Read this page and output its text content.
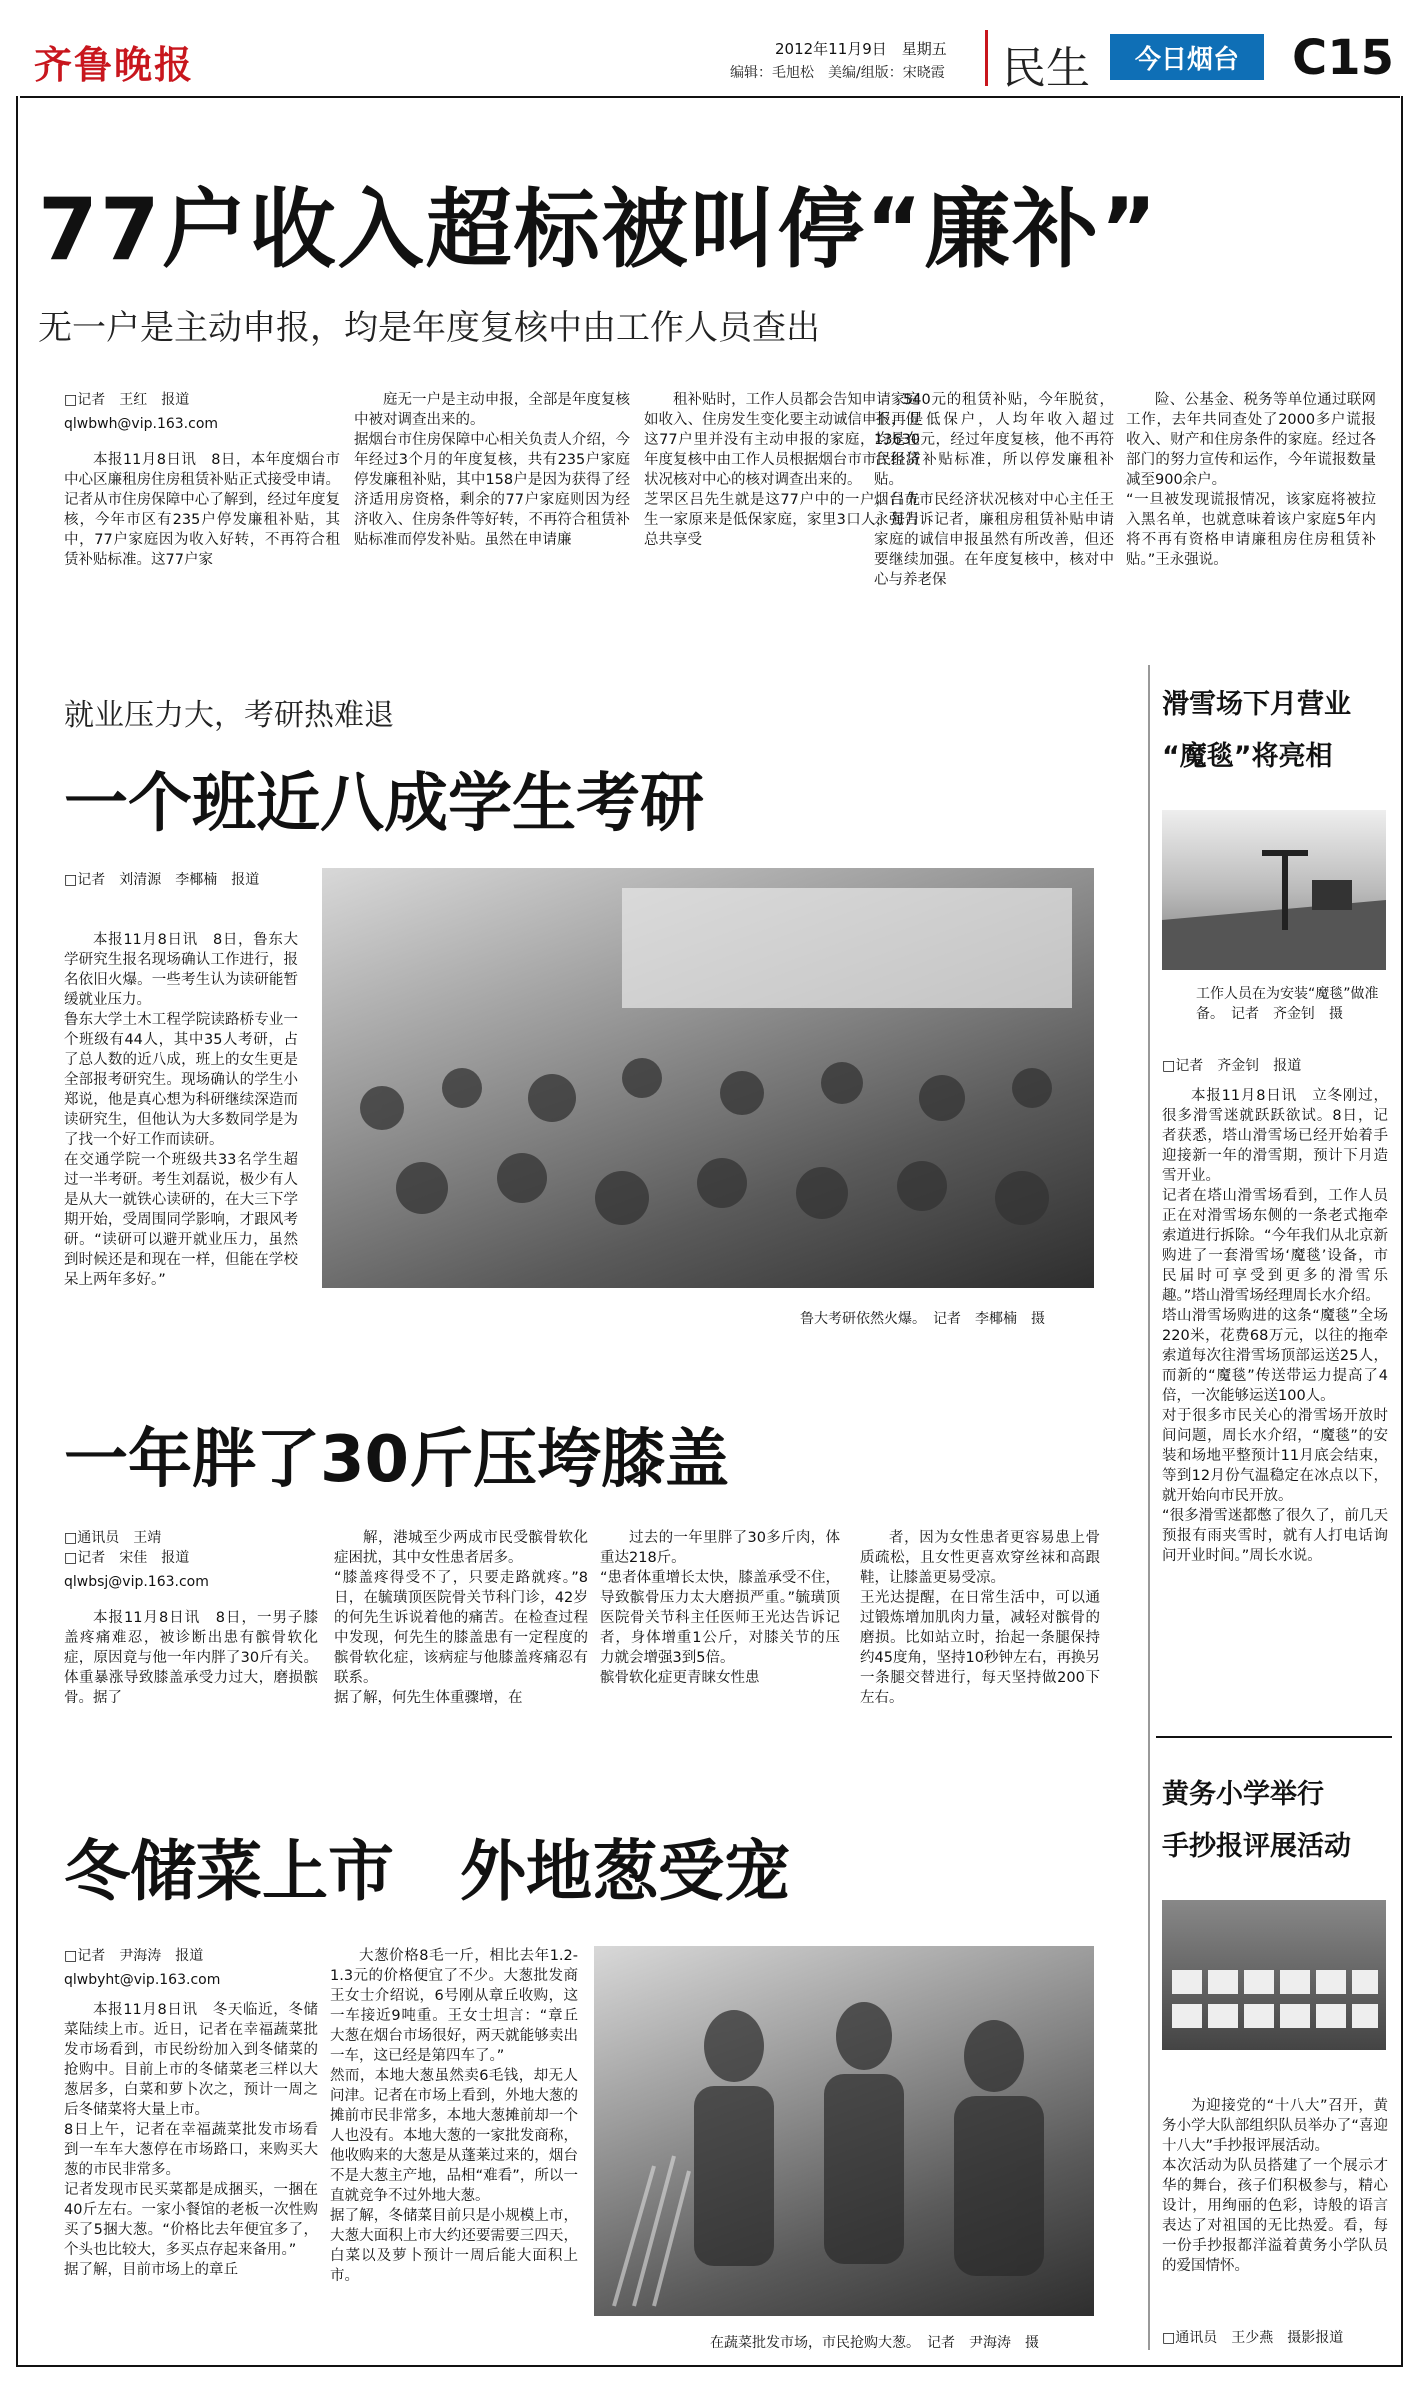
齐鲁晚报	2012年11月9日　星期五
编辑：毛旭松　美编/组版：宋晓霞 民生	今日烟台	C15
77户收入超标被叫停“廉补”
无一户是主动申报，均是年度复核中由工作人员查出
□记者　王红　报道
qlwbwh@vip.163.com

本报11月8日讯　8日，本年度烟台市中心区廉租房住房租赁补贴正式接受申请。记者从市住房保障中心了解到，经过年度复核，今年市区有235户停发廉租补贴，其中，77户家庭因为收入好转，不再符合租赁补贴标准。这77户家

庭无一户是主动申报，全部是年度复核中被对调查出来的。
据烟台市住房保障中心相关负责人介绍，今年经过3个月的年度复核，共有235户家庭停发廉租补贴，其中158户是因为获得了经济适用房资格，剩余的77户家庭则因为经济收入、住房条件等好转，不再符合租赁补贴标准而停发补贴。虽然在申请廉

租补贴时，工作人员都会告知申请家庭如收入、住房发生变化要主动诚信申报，但这77户里并没有主动申报的家庭，均是在年度复核中由工作人员根据烟台市市民经济状况核对中心的核对调查出来的。
芝罘区吕先生就是这77户中的一户，吕先生一家原来是低保家庭，家里3口人，每月总共享受

540元的租赁补贴，今年脱贫，不再是低保户，人均年收入超过13630元，经过年度复核，他不再符合租赁补贴标准，所以停发廉租补贴。
烟台市市民经济状况核对中心主任王永强告诉记者，廉租房租赁补贴申请家庭的诚信申报虽然有所改善，但还要继续加强。在年度复核中，核对中心与养老保

险、公基金、税务等单位通过联网工作，去年共同查处了2000多户谎报收入、财产和住房条件的家庭。经过各部门的努力宣传和运作，今年谎报数量减至900余户。
“一旦被发现谎报情况，该家庭将被拉入黑名单，也就意味着该户家庭5年内将不再有资格申请廉租房住房租赁补贴。”王永强说。

就业压力大，考研热难退
一个班近八成学生考研
□记者　刘清源　李椰楠　报道

本报11月8日讯　8日，鲁东大学研究生报名现场确认工作进行，报名依旧火爆。一些考生认为读研能暂缓就业压力。
鲁东大学土木工程学院读路桥专业一个班级有44人，其中35人考研，占了总人数的近八成，班上的女生更是全部报考研究生。现场确认的学生小郑说，他是真心想为科研继续深造而读研究生，但他认为大多数同学是为了找一个好工作而读研。
在交通学院一个班级共33名学生超过一半考研。考生刘磊说，极少有人是从大一就铁心读研的，在大三下学期开始，受周围同学影响，才跟风考研。“读研可以避开就业压力，虽然到时候还是和现在一样，但能在学校呆上两年多好。”

鲁大考研依然火爆。　记者　李椰楠　摄
一年胖了30斤压垮膝盖
□通讯员　王靖
□记者　宋佳　报道
qlwbsj@vip.163.com

本报11月8日讯　8日，一男子膝盖疼痛难忍，被诊断出患有髌骨软化症，原因竟与他一年内胖了30斤有关。体重暴涨导致膝盖承受力过大，磨损髌骨。据了

解，港城至少两成市民受髌骨软化症困扰，其中女性患者居多。
“膝盖疼得受不了，只要走路就疼。”8日，在毓璜顶医院骨关节科门诊，42岁的何先生诉说着他的痛苦。在检查过程中发现，何先生的膝盖患有一定程度的髌骨软化症，该病症与他膝盖疼痛忍有联系。
据了解，何先生体重骤增，在

过去的一年里胖了30多斤肉，体重达218斤。
“患者体重增长太快，膝盖承受不住，导致髌骨压力太大磨损严重。”毓璜顶医院骨关节科主任医师王光达告诉记者，身体增重1公斤，对膝关节的压力就会增强3到5倍。
髌骨软化症更青睐女性患

者，因为女性患者更容易患上骨质疏松，且女性更喜欢穿丝袜和高跟鞋，让膝盖更易受凉。
王光达提醒，在日常生活中，可以通过锻炼增加肌肉力量，减轻对髌骨的磨损。比如站立时，抬起一条腿保持约45度角，坚持10秒钟左右，再换另一条腿交替进行，每天坚持做200下左右。

冬储菜上市　外地葱受宠
□记者　尹海涛　报道
qlwbyht@vip.163.com

本报11月8日讯　冬天临近，冬储菜陆续上市。近日，记者在幸福蔬菜批发市场看到，市民纷纷加入到冬储菜的抢购中。目前上市的冬储菜老三样以大葱居多，白菜和萝卜次之，预计一周之后冬储菜将大量上市。
8日上午，记者在幸福蔬菜批发市场看到一车车大葱停在市场路口，来购买大葱的市民非常多。
记者发现市民买菜都是成捆买，一捆在40斤左右。一家小餐馆的老板一次性购买了5捆大葱。“价格比去年便宜多了，个头也比较大，多买点存起来备用。”
据了解，目前市场上的章丘

大葱价格8毛一斤，相比去年1.2-1.3元的价格便宜了不少。大葱批发商王女士介绍说，6号刚从章丘收购，这一车接近9吨重。王女士坦言：“章丘大葱在烟台市场很好，两天就能够卖出一车，这已经是第四车了。”
然而，本地大葱虽然卖6毛钱，却无人问津。记者在市场上看到，外地大葱的摊前市民非常多，本地大葱摊前却一个人也没有。本地大葱的一家批发商称，他收购来的大葱是从蓬莱过来的，烟台不是大葱主产地，品相“难看”，所以一直就竞争不过外地大葱。
据了解，冬储菜目前只是小规模上市，大葱大面积上市大约还要需要三四天，白菜以及萝卜预计一周后能大面积上市。

在蔬菜批发市场，市民抢购大葱。　记者　尹海涛　摄
滑雪场下月营业
“魔毯”将亮相
工作人员在为安装“魔毯”做准备。　记者　齐金钊　摄
□记者　齐金钊　报道

本报11月8日讯　立冬刚过，很多滑雪迷就跃跃欲试。8日，记者获悉，塔山滑雪场已经开始着手迎接新一年的滑雪期，预计下月造雪开业。
记者在塔山滑雪场看到，工作人员正在对滑雪场东侧的一条老式拖牵索道进行拆除。“今年我们从北京新购进了一套滑雪场‘魔毯’设备，市民届时可享受到更多的滑雪乐趣。”塔山滑雪场经理周长水介绍。
塔山滑雪场购进的这条“魔毯”全场220米，花费68万元，以往的拖牵索道每次往滑雪场顶部运送25人，而新的“魔毯”传送带运力提高了4倍，一次能够运送100人。
对于很多市民关心的滑雪场开放时间问题，周长水介绍，“魔毯”的安装和场地平整预计11月底会结束，等到12月份气温稳定在冰点以下，就开始向市民开放。
“很多滑雪迷都憋了很久了，前几天预报有雨夹雪时，就有人打电话询问开业时间。”周长水说。

黄务小学举行
手抄报评展活动

为迎接党的“十八大”召开，黄务小学大队部组织队员举办了“喜迎十八大”手抄报评展活动。
本次活动为队员搭建了一个展示才华的舞台，孩子们积极参与，精心设计，用绚丽的色彩，诗般的语言表达了对祖国的无比热爱。看，每一份手抄报都洋溢着黄务小学队员的爱国情怀。

□通讯员　王少燕　摄影报道
